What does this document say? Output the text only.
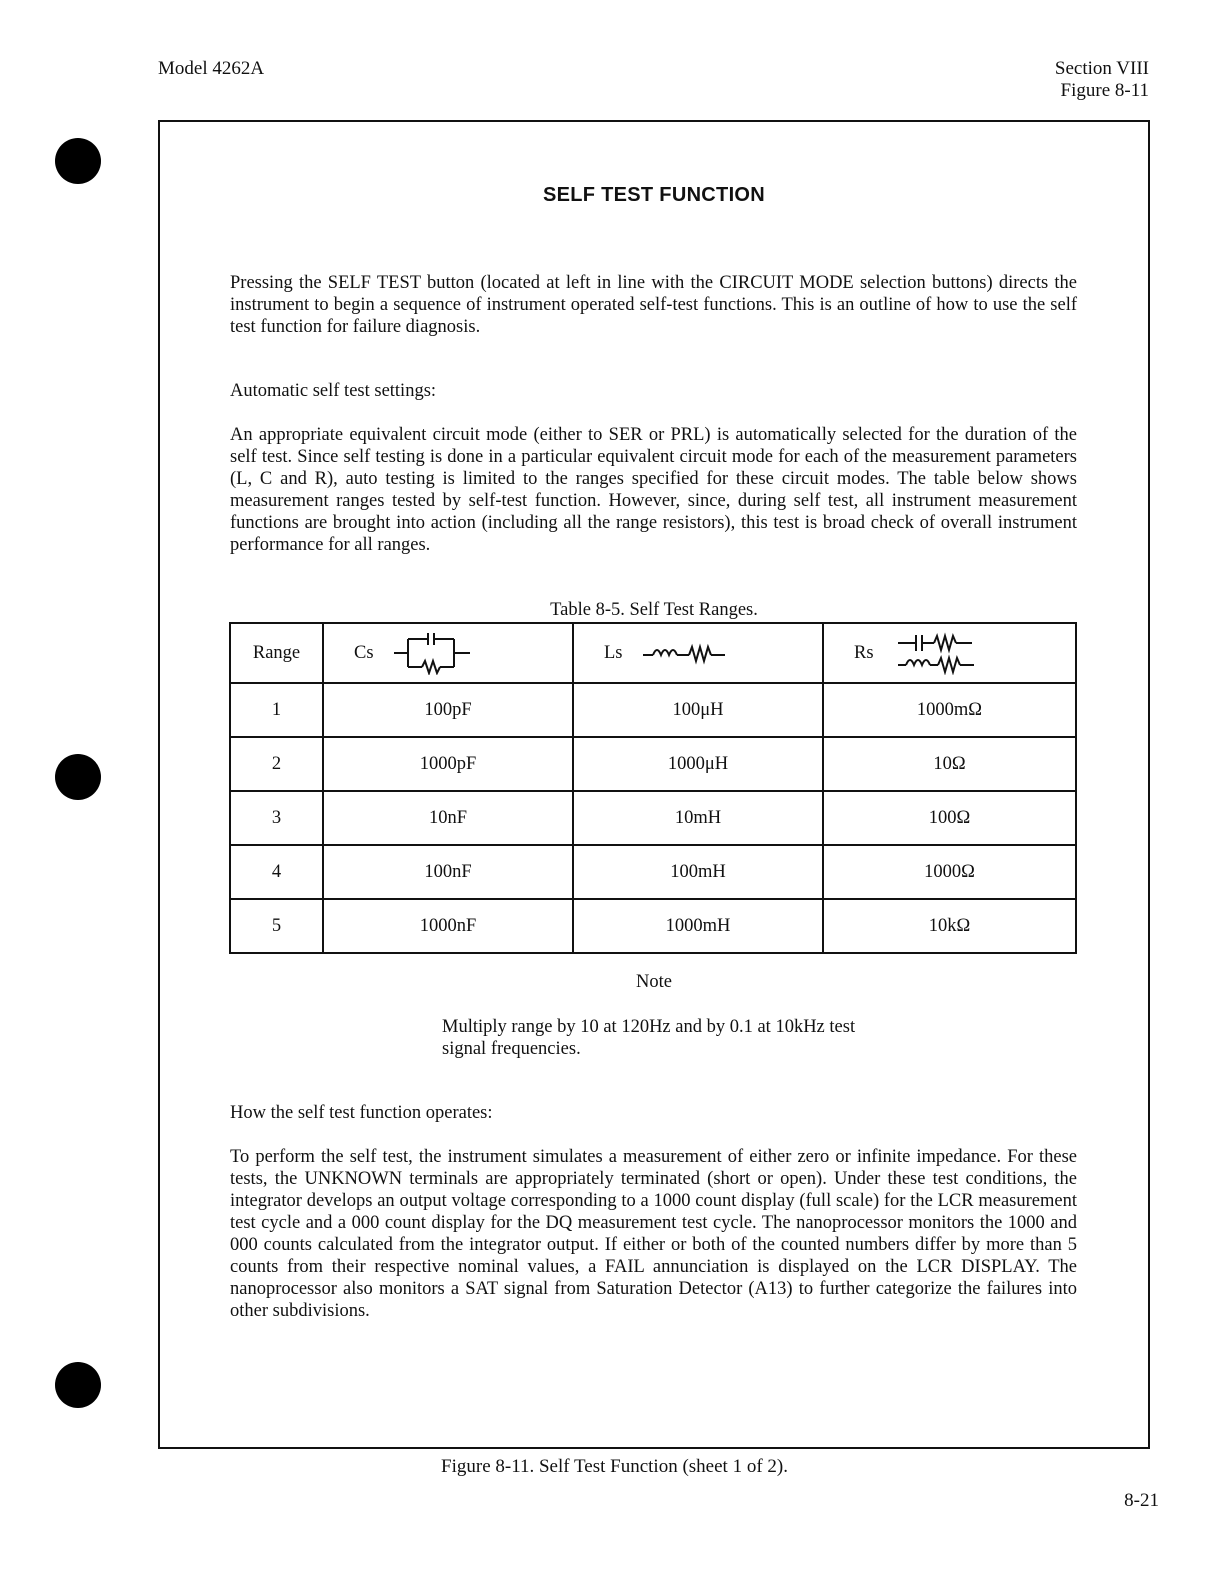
Model 4262A	Section VIII
Figure 8-11
SELF TEST FUNCTION
Pressing the SELF TEST button (located at left in line with the CIRCUIT MODE selection buttons) directs the instrument to begin a sequence of instrument operated self-test functions. This is an outline of how to use the self test function for failure diagnosis.
Automatic self test settings:
An appropriate equivalent circuit mode (either to SER or PRL) is automatically selected for the duration of the self test. Since self testing is done in a particular equivalent circuit mode for each of the measurement parameters (L, C and R), auto testing is limited to the ranges specified for these circuit modes. The table below shows measurement ranges tested by self-test function. However, since, during self test, all instrument measurement functions are brought into action (including all the range resistors), this test is broad check of overall instrument performance for all ranges.
Table 8-5. Self Test Ranges.
Range	Cs	Ls	Rs

1	100pF	100μH	1000mΩ
2	1000pF	1000μH	10Ω
3	10nF	10mH	100Ω
4	100nF	100mH	1000Ω
5	1000nF	1000mH	10kΩ
Note
Multiply range by 10 at 120Hz and by 0.1 at 10kHz test signal frequencies.
How the self test function operates:
To perform the self test, the instrument simulates a measurement of either zero or infinite impedance. For these tests, the UNKNOWN terminals are appropriately terminated (short or open). Under these test conditions, the integrator develops an output voltage corresponding to a 1000 count display (full scale) for the LCR measurement test cycle and a 000 count display for the DQ measurement test cycle. The nanoprocessor monitors the 1000 and 000 counts calculated from the integrator output. If either or both of the counted numbers differ by more than 5 counts from their respective nominal values, a FAIL annunciation is displayed on the LCR DISPLAY. The nanoprocessor also monitors a SAT signal from Saturation Detector (A13) to further categorize the failures into other subdivisions.
Figure 8-11. Self Test Function (sheet 1 of 2).
8-21
